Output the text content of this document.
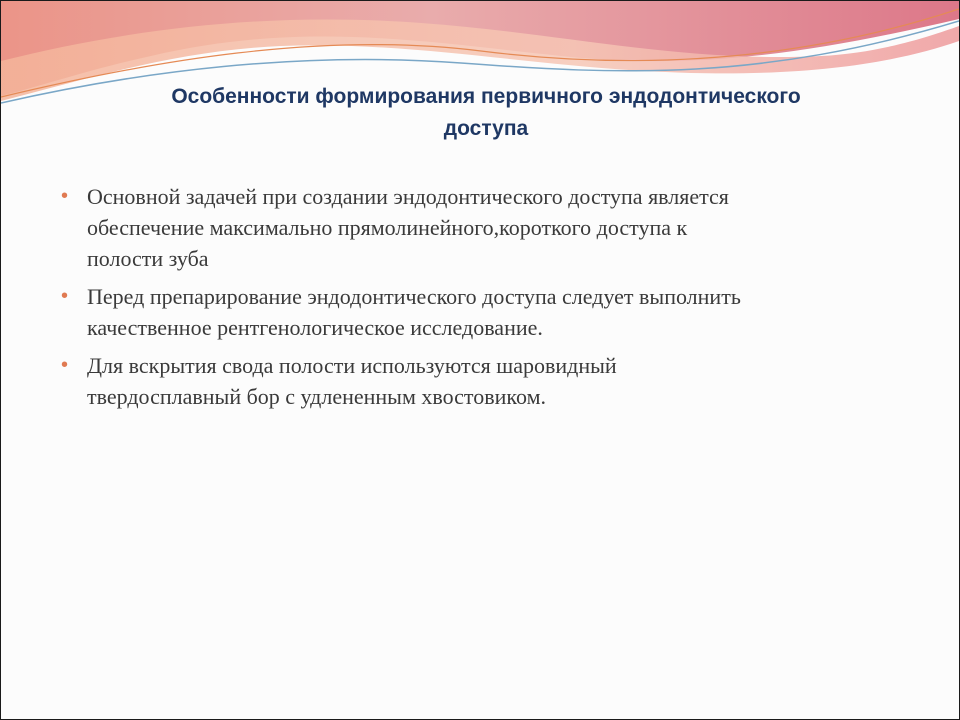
Особенности формирования первичного эндодонтического
доступа
• Основной задачей при создании эндодонтического доступа является
обеспечение максимально прямолинейного,короткого доступа к
полости зуба
• Перед препарирование эндодонтического доступа следует выполнить
качественное рентгенологическое исследование.
• Для вскрытия свода полости используются шаровидный
твердосплавный бор с удлененным хвостовиком.
